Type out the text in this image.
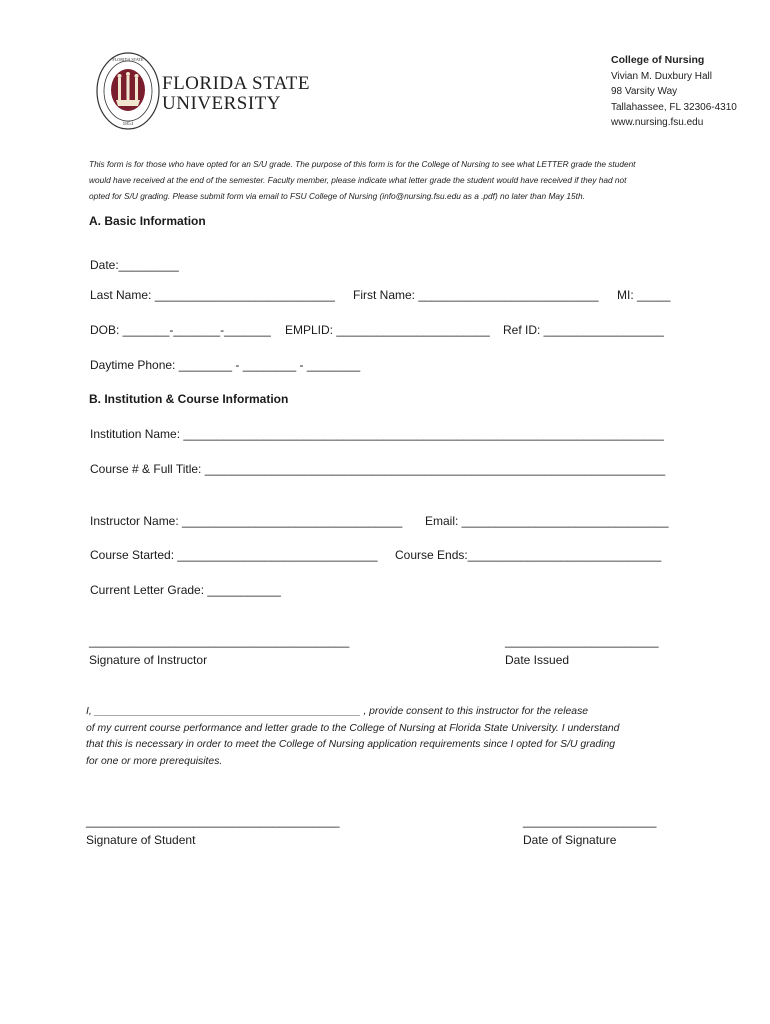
1851
FLORIDA STATE
FLORIDA STATE
UNIVERSITY
College of Nursing
Vivian M. Duxbury Hall
98 Varsity Way
Tallahassee, FL 32306-4310
www.nursing.fsu.edu
This form is for those who have opted for an S/U grade. The purpose of this form is for the College of Nursing to see what LETTER grade the student
would have received at the end of the semester. Faculty member, please indicate what letter grade the student would have received if they had not
opted for S/U grading. Please submit form via email to FSU College of Nursing (info@nursing.fsu.edu as a .pdf) no later than May 15th.
A. Basic Information
Date:_________
Last Name: ___________________________ First Name: ___________________________ MI: _____
DOB: _______-_______-_______ EMPLID: _______________________ Ref ID: __________________
Daytime Phone: ________ - ________ - ________
B. Institution & Course Information
Institution Name: ________________________________________________________________________
Course # & Full Title: _____________________________________________________________________
Instructor Name: _________________________________ Email: _______________________________
Course Started: ______________________________ Course Ends:_____________________________
Current Letter Grade: ___________
_______________________________________
Signature of Instructor
_______________________
Date Issued
I, ______________________________________________ , provide consent to this instructor for the release
of my current course performance and letter grade to the College of Nursing at Florida State University. I understand
that this is necessary in order to meet the College of Nursing application requirements since I opted for S/U grading
for one or more prerequisites.
______________________________________
Signature of Student
____________________
Date of Signature
